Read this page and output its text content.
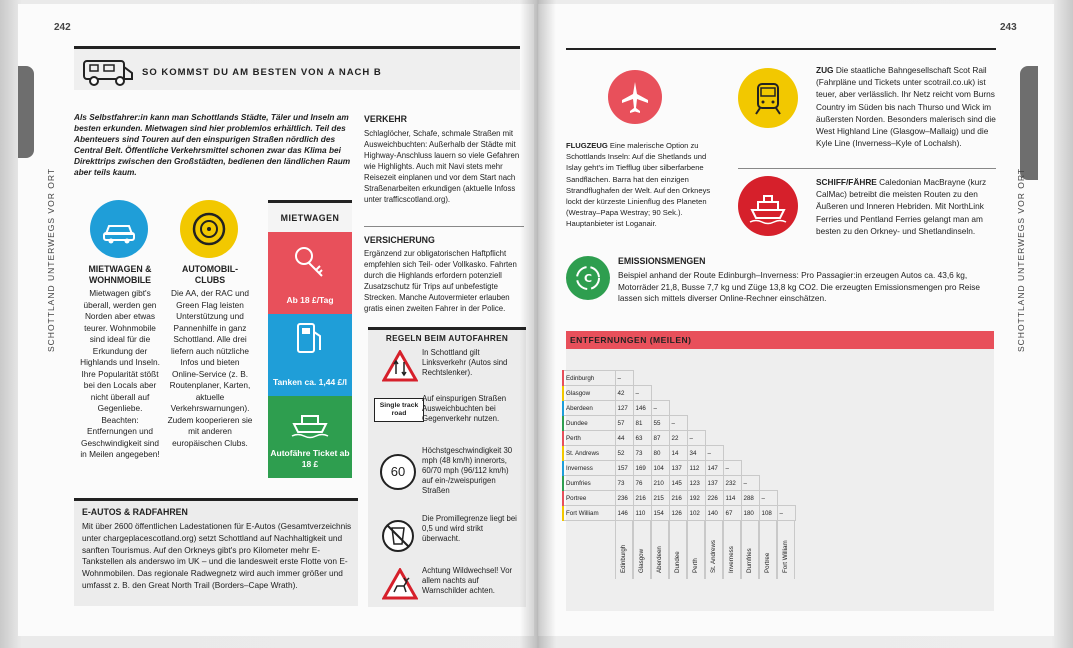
242
SCHOTTLAND UNTERWEGS VOR ORT
SO KOMMST DU AM BESTEN VON A NACH B
Als Selbstfahrer:in kann man Schottlands Städte, Täler und Inseln am besten erkunden. Mietwagen sind hier problemlos erhältlich. Teil des Abenteuers sind Touren auf den einspurigen Straßen nördlich des Central Belt. Öffentliche Verkehrsmittel schonen zwar das Klima bei Direkttrips zwischen den Großstädten, bedienen den ländlichen Raum aber teils kaum.
MIETWAGEN & WOHNMOBILE
Mietwagen gibt's überall, werden gen Norden aber etwas teurer. Wohnmobile sind ideal für die Erkundung der Highlands und Inseln. Ihre Popularität stößt bei den Locals aber nicht überall auf Gegenliebe. Beachten: Entfernungen und Geschwindigkeit sind in Meilen angegeben!
AUTOMOBIL-CLUBS
Die AA, der RAC und Green Flag leisten Unterstützung und Pannenhilfe in ganz Schottland. Alle drei liefern auch nützliche Infos und bieten Online-Service (z. B. Routenplaner, Karten, aktuelle Verkehrswarnungen). Zudem kooperieren sie mit anderen europäischen Clubs.
MIETWAGEN
Ab 18 £/Tag
Tanken ca. 1,44 £/l
Autofähre Ticket ab 18 £
VERKEHR
Schlaglöcher, Schafe, schmale Straßen mit Ausweichbuchten: Außerhalb der Städte mit Highway-Anschluss lauern so viele Gefahren wie Highlights. Auch mit Navi stets mehr Reisezeit einplanen und vor dem Start nach Straßenarbeiten erkundigen (aktuelle Infoss unter trafficscotland.org).
VERSICHERUNG
Ergänzend zur obligatorischen Haftpflicht empfehlen sich Teil- oder Vollkasko. Fahrten durch die Highlands erfordern potenziell Zusatzschutz für Trips auf unbefestigte Strecken. Manche Autovermieter erlauben gratis einen zweiten Fahrer in der Police.
REGELN BEIM AUTOFAHREN
In Schottland gilt Linksverkehr (Autos sind Rechtslenker).
Single track road
Auf einspurigen Straßen Ausweichbuchten bei Gegenverkehr nutzen.
60
Höchstgeschwindigkeit 30 mph (48 km/h) innerorts, 60/70 mph (96/112 km/h) auf ein-/zweispurigen Straßen
Die Promillegrenze liegt bei 0,5 und wird strikt überwacht.
Achtung Wildwechsel! Vor allem nachts auf Warnschilder achten.
E-AUTOS & RADFAHREN
Mit über 2600 öffentlichen Ladestationen für E-Autos (Gesamtverzeichnis unter chargeplacescotland.org) setzt Schottland auf Nachhaltigkeit und sanften Tourismus. Auf den Orkneys gibt's pro Kilometer mehr E-Tankstellen als anderswo im UK – und die landesweit erste Flotte von E-Wohnmobilen. Das regionale Radwegnetz wird auch immer größer und umfasst z. B. den Great North Trail (Borders–Cape Wrath).
243
SCHOTTLAND UNTERWEGS VOR ORT
FLUGZEUG Eine malerische Option zu Schottlands Inseln: Auf die Shetlands und Islay geht's im Tiefflug über silberfarbene Sandflächen. Barra hat den einzigen Strandflughafen der Welt. Auf den Orkneys lockt der kürzeste Linienflug des Planeten (Westray–Papa Westray; 90 Sek.). Hauptanbieter ist Loganair.
ZUG Die staatliche Bahngesellschaft Scot Rail (Fahrpläne und Tickets unter scotrail.co.uk) ist teuer, aber verlässlich. Ihr Netz reicht vom Burns Country im Süden bis nach Thurso und Wick im äußersten Norden. Besonders malerisch sind die West Highland Line (Glasgow–Mallaig) und die Kyle Line (Inverness–Kyle of Lochalsh).
SCHIFF/FÄHRE Caledonian MacBrayne (kurz CalMac) betreibt die meisten Routen zu den Äußeren und Inneren Hebriden. Mit NorthLink Ferries und Pentland Ferries gelangt man am besten zu den Orkney- und Shetlandinseln.
C
EMISSIONSMENGEN
Beispiel anhand der Route Edinburgh–Inverness: Pro Passagier:in erzeugen Autos ca. 43,6 kg, Motorräder 21,8, Busse 7,7 kg und Züge 13,8 kg CO2. Die erzeugten Emissionsmengen pro Reise lassen sich mittels diverser Online-Rechner einschätzen.
ENTFERNUNGEN (MEILEN)
Edinburgh	–									
Glasgow	42	–								
Aberdeen	127	146	–							
Dundee	57	81	55	–						
Perth	44	63	87	22	–					
St. Andrews	52	73	80	14	34	–				
Inverness	157	169	104	137	112	147	–			
Dumfries	73	76	210	145	123	137	232	–		
Portree	236	216	215	216	192	226	114	288	–	
Fort William	146	110	154	126	102	140	67	180	108	–
Edinburgh Glasgow Aberdeen Dundee Perth St. Andrews Inverness Dumfries Portree Fort William
